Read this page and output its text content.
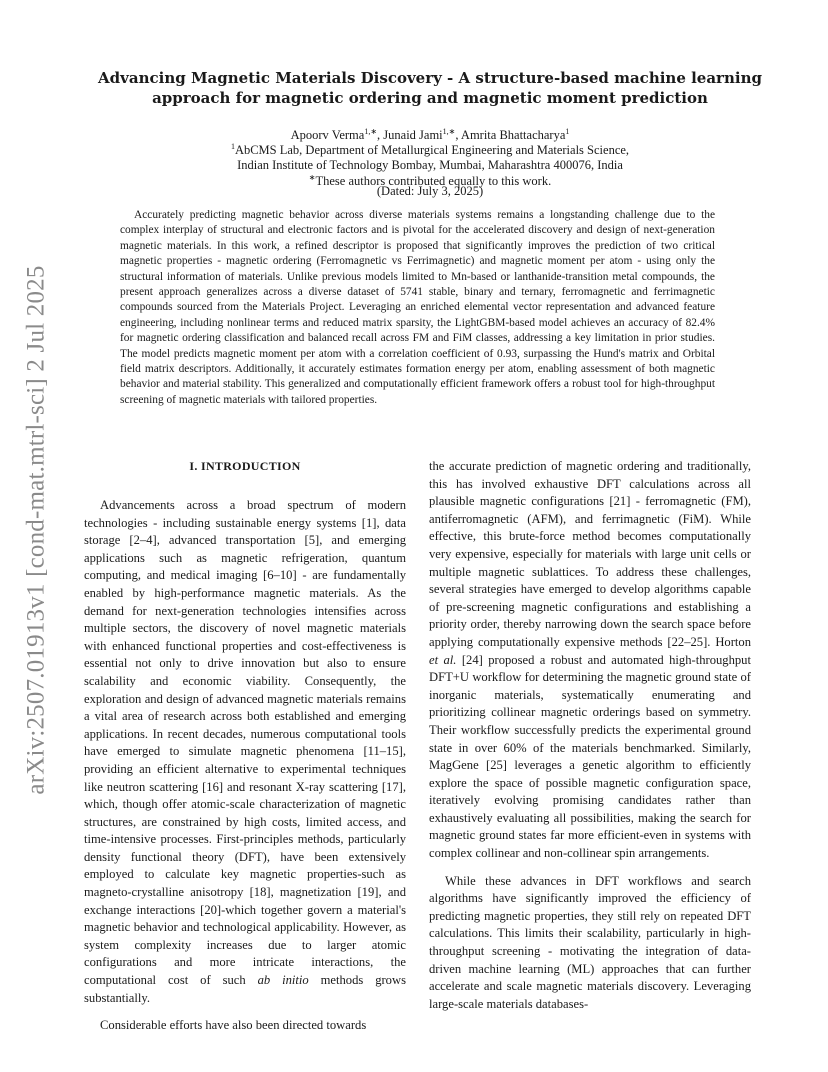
arXiv:2507.01913v1 [cond-mat.mtrl-sci] 2 Jul 2025
Advancing Magnetic Materials Discovery - A structure-based machine learning
approach for magnetic ordering and magnetic moment prediction
Apoorv Verma$^{1,∗}$, Junaid Jami$^{1,∗}$, Amrita Bhattacharya$^1$
$^1$AbCMS Lab, Department of Metallurgical Engineering and Materials Science,
Indian Institute of Technology Bombay, Mumbai, Maharashtra 400076, India
∗These authors contributed equally to this work.
(Dated: July 3, 2025)
Accurately predicting magnetic behavior across diverse materials systems remains a longstanding challenge due to the complex interplay of structural and electronic factors and is pivotal for the accelerated discovery and design of next-generation magnetic materials. In this work, a refined descriptor is proposed that significantly improves the prediction of two critical magnetic properties - magnetic ordering (Ferromagnetic vs Ferrimagnetic) and magnetic moment per atom - using only the structural information of materials. Unlike previous models limited to Mn-based or lanthanide-transition metal compounds, the present approach generalizes across a diverse dataset of 5741 stable, binary and ternary, ferromagnetic and ferrimagnetic compounds sourced from the Materials Project. Leveraging an enriched elemental vector representation and advanced feature engineering, including nonlinear terms and reduced matrix sparsity, the LightGBM-based model achieves an accuracy of 82.4% for magnetic ordering classification and balanced recall across FM and FiM classes, addressing a key limitation in prior studies. The model predicts magnetic moment per atom with a correlation coefficient of 0.93, surpassing the Hund's matrix and Orbital field matrix descriptors. Additionally, it accurately estimates formation energy per atom, enabling assessment of both magnetic behavior and material stability. This generalized and computationally efficient framework offers a robust tool for high-throughput screening of magnetic materials with tailored properties.
I. INTRODUCTION

Advancements across a broad spectrum of modern technologies - including sustainable energy systems [1], data storage [2–4], advanced transportation [5], and emerging applications such as magnetic refrigeration, quantum computing, and medical imaging [6–10] - are fundamentally enabled by high-performance magnetic materials. As the demand for next-generation technologies intensifies across multiple sectors, the discovery of novel magnetic materials with enhanced functional properties and cost-effectiveness is essential not only to drive innovation but also to ensure scalability and economic viability. Consequently, the exploration and design of advanced magnetic materials remains a vital area of research across both established and emerging applications. In recent decades, numerous computational tools have emerged to simulate magnetic phenomena [11–15], providing an efficient alternative to experimental techniques like neutron scattering [16] and resonant X-ray scattering [17], which, though offer atomic-scale characterization of magnetic structures, are constrained by high costs, limited access, and time-intensive processes. First-principles methods, particularly density functional theory (DFT), have been extensively employed to calculate key magnetic properties-such as magneto-crystalline anisotropy [18], magnetization [19], and exchange interactions [20]-which together govern a material's magnetic behavior and technological applicability. However, as system complexity increases due to larger atomic configurations and more intricate interactions, the computational cost of such ab initio methods grows substantially.

Considerable efforts have also been directed towards

the accurate prediction of magnetic ordering and traditionally, this has involved exhaustive DFT calculations across all plausible magnetic configurations [21] - ferromagnetic (FM), antiferromagnetic (AFM), and ferrimagnetic (FiM). While effective, this brute-force method becomes computationally very expensive, especially for materials with large unit cells or multiple magnetic sublattices. To address these challenges, several strategies have emerged to develop algorithms capable of pre-screening magnetic configurations and establishing a priority order, thereby narrowing down the search space before applying computationally expensive methods [22–25]. Horton et al. [24] proposed a robust and automated high-throughput DFT+U workflow for determining the magnetic ground state of inorganic materials, systematically enumerating and prioritizing collinear magnetic orderings based on symmetry. Their workflow successfully predicts the experimental ground state in over 60% of the materials benchmarked. Similarly, MagGene [25] leverages a genetic algorithm to efficiently explore the space of possible magnetic configuration space, iteratively evolving promising candidates rather than exhaustively evaluating all possibilities, making the search for magnetic ground states far more efficient-even in systems with complex collinear and non-collinear spin arrangements.

While these advances in DFT workflows and search algorithms have significantly improved the efficiency of predicting magnetic properties, they still rely on repeated DFT calculations. This limits their scalability, particularly in high-throughput screening - motivating the integration of data-driven machine learning (ML) approaches that can further accelerate and scale magnetic materials discovery. Leveraging large-scale materials databases-
